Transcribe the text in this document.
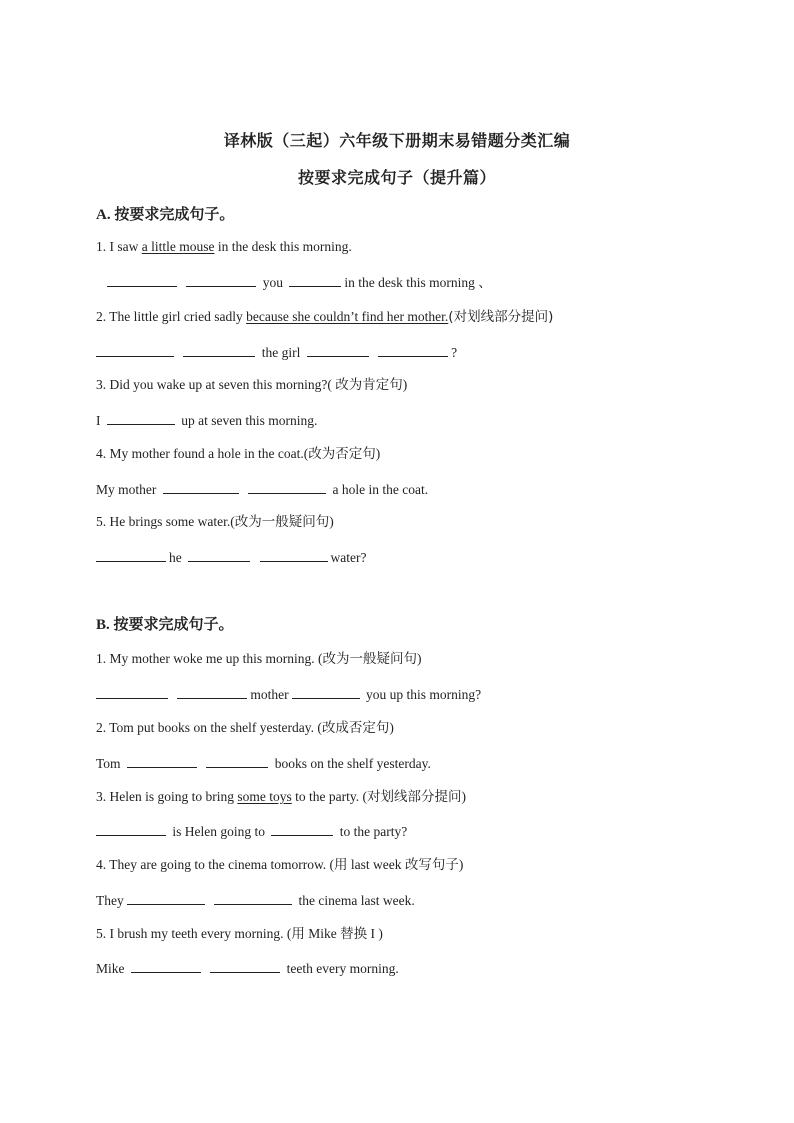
译林版（三起）六年级下册期末易错题分类汇编
按要求完成句子（提升篇）
A. 按要求完成句子。
1. I saw a little mouse in the desk this morning.
you	in the desk this morning 、
2. The little girl cried sadly because she couldn’t find her mother.(对划线部分提问)
the girl	?
3. Did you wake up at seven this morning?( 改为肯定句)
I	up at seven this morning.
4. My mother found a hole in the coat.(改为否定句)
My mother	a hole in the coat.
5. He brings some water.(改为一般疑问句)
he	water?
B. 按要求完成句子。
1. My mother woke me up this morning. (改为一般疑问句)
mother	you up this morning?
2. Tom put books on the shelf yesterday. (改成否定句)
Tom	books on the shelf yesterday.
3. Helen is going to bring some toys to the party. (对划线部分提问)
is Helen going to	to the party?
4. They are going to the cinema tomorrow. (用 last week 改写句子)
They	the cinema last week.
5. I brush my teeth every morning. (用 Mike 替换 I )
Mike	teeth every morning.
